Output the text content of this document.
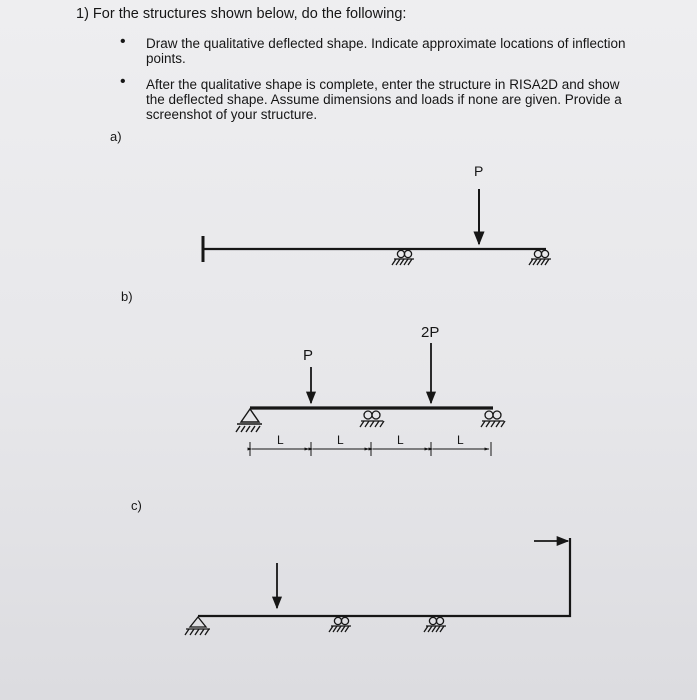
1) For the structures shown below, do the following:

• Draw the qualitative deflected shape. Indicate approximate locations of inflection
points.
• After the qualitative shape is complete, enter the structure in RISA2D and show
the deflected shape. Assume dimensions and loads if none are given. Provide a
screenshot of your structure.

a)

b)

c)

P
P
2P
L	L	L	L
